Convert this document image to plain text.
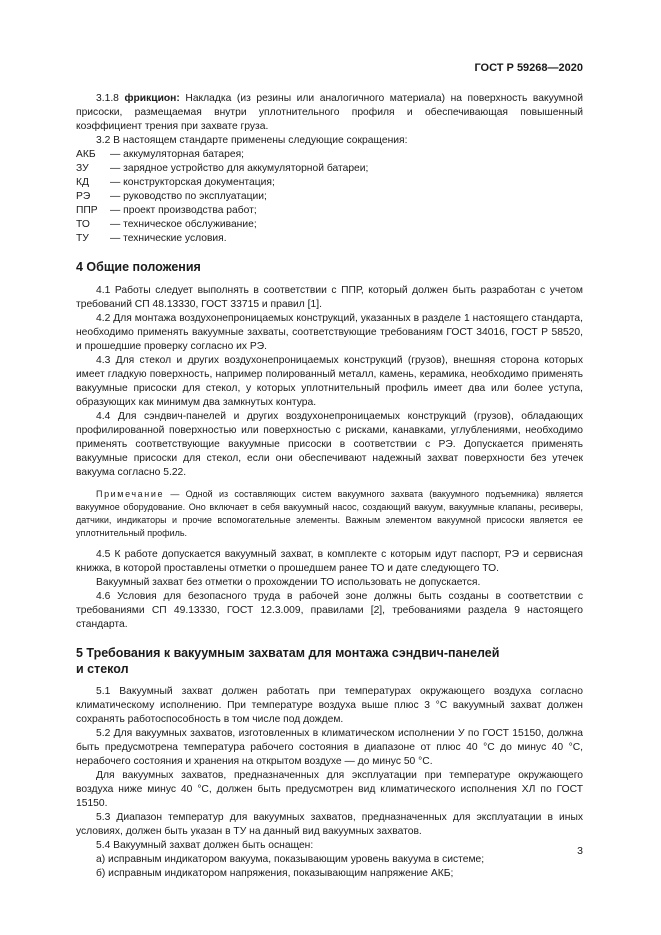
ГОСТ Р 59268—2020

3.1.8 фрикцион: Накладка (из резины или аналогичного материала) на поверхность вакуумной присоски, размещаемая внутри уплотнительного профиля и обеспечивающая повышенный коэффициент трения при захвате груза.

3.2 В настоящем стандарте применены следующие сокращения:

АКБ	— аккумуляторная батарея;
ЗУ	— зарядное устройство для аккумуляторной батареи;
КД	— конструкторская документация;
РЭ	— руководство по эксплуатации;
ППР	— проект производства работ;
ТО	— техническое обслуживание;
ТУ	— технические условия.
4 Общие положения

4.1 Работы следует выполнять в соответствии с ППР, который должен быть разработан с учетом требований СП 48.13330, ГОСТ 33715 и правил [1].

4.2 Для монтажа воздухонепроницаемых конструкций, указанных в разделе 1 настоящего стандарта, необходимо применять вакуумные захваты, соответствующие требованиям ГОСТ 34016, ГОСТ Р 58520, и прошедшие проверку согласно их РЭ.

4.3 Для стекол и других воздухонепроницаемых конструкций (грузов), внешняя сторона которых имеет гладкую поверхность, например полированный металл, камень, керамика, необходимо применять вакуумные присоски для стекол, у которых уплотнительный профиль имеет два или более уступа, образующих как минимум два замкнутых контура.

4.4 Для сэндвич-панелей и других воздухонепроницаемых конструкций (грузов), обладающих профилированной поверхностью или поверхностью с рисками, канавками, углублениями, необходимо применять соответствующие вакуумные присоски в соответствии с РЭ. Допускается применять вакуумные присоски для стекол, если они обеспечивают надежный захват поверхности без утечек вакуума согласно 5.22.

Примечание — Одной из составляющих систем вакуумного захвата (вакуумного подъемника) является вакуумное оборудование. Оно включает в себя вакуумный насос, создающий вакуум, вакуумные клапаны, ресиверы, датчики, индикаторы и прочие вспомогательные элементы. Важным элементом вакуумной присоски является ее уплотнительный профиль.

4.5 К работе допускается вакуумный захват, в комплекте с которым идут паспорт, РЭ и сервисная книжка, в которой проставлены отметки о прошедшем ранее ТО и дате следующего ТО.

Вакуумный захват без отметки о прохождении ТО использовать не допускается.

4.6 Условия для безопасного труда в рабочей зоне должны быть созданы в соответствии с требованиями СП 49.13330, ГОСТ 12.3.009, правилами [2], требованиями раздела 9 настоящего стандарта.

5 Требования к вакуумным захватам для монтажа сэндвич-панелей
и стекол

5.1 Вакуумный захват должен работать при температурах окружающего воздуха согласно климатическому исполнению. При температуре воздуха выше плюс 3 °С вакуумный захват должен сохранять работоспособность в том числе под дождем.

5.2 Для вакуумных захватов, изготовленных в климатическом исполнении У по ГОСТ 15150, должна быть предусмотрена температура рабочего состояния в диапазоне от плюс 40 °С до минус 40 °С, нерабочего состояния и хранения на открытом воздухе — до минус 50 °С.

Для вакуумных захватов, предназначенных для эксплуатации при температуре окружающего воздуха ниже минус 40 °С, должен быть предусмотрен вид климатического исполнения ХЛ по ГОСТ 15150.

5.3 Диапазон температур для вакуумных захватов, предназначенных для эксплуатации в иных условиях, должен быть указан в ТУ на данный вид вакуумных захватов.

5.4 Вакуумный захват должен быть оснащен:

а) исправным индикатором вакуума, показывающим уровень вакуума в системе;

б) исправным индикатором напряжения, показывающим напряжение АКБ;

3
